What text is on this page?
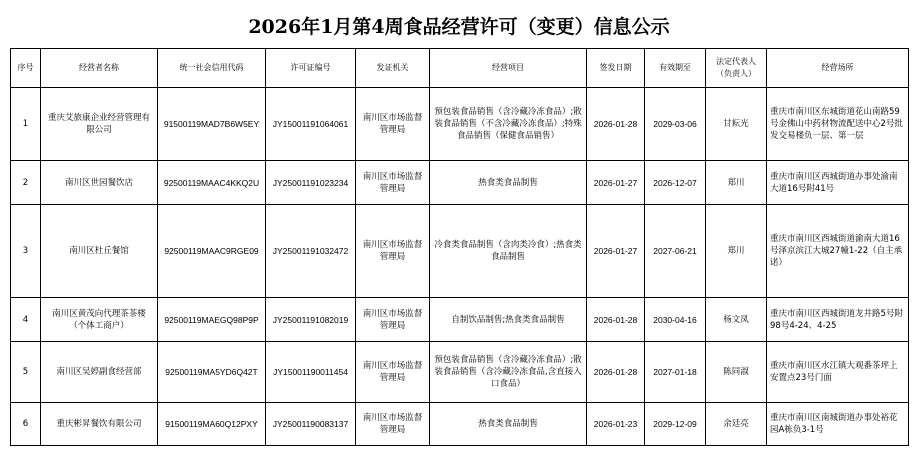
2026年1月第4周食品经营许可（变更）信息公示
序号	经营者名称	统一社会信用代码	许可证编号	发证机关	经营项目	签发日期	有效期至	法定代表人（负责人）	经营场所
1	重庆艾旅康企业经营管理有限公司	91500119MAD7B6W5EY	JY15001191064061	南川区市场监督管理局	预包装食品销售（含冷藏冷冻食品）;散装食品销售（不含冷藏冷冻食品）;特殊食品销售（保健食品销售）	2026-01-28	2029-03-06	甘耘光	重庆市南川区东城街道花山南路59号金佛山中药材物流配送中心2号批发交易楼负一层、第一层
2	南川区世园餐饮店	92500119MAAC4KKQ2U	JY25001191023234	南川区市场监督管理局	热食类食品制售	2026-01-27	2026-12-07	郑川	重庆市南川区西城街道办事处渝南大道16号附41号
3	南川区杜丘餐馆	92500119MAAC9RGE09	JY25001191032472	南川区市场监督管理局	冷食类食品制售（含肉类冷食）;热食类食品制售	2026-01-27	2027-06-21	郑川	重庆市南川区西城街道渝南大道16号泽京滨江大城27幢1-22（自主承诺）
4	南川区黄茂向代理茶茶楼（个体工商户）	92500119MAEGQ98P9P	JY25001191082019	南川区市场监督管理局	自制饮品制售;热食类食品制售	2026-01-28	2030-04-16	杨文凤	重庆市南川区西城街道龙井路5号附98号4-24、4-25
5	南川区吴婷副食经营部	92500119MA5YD6Q42T	JY15001190011454	南川区市场监督管理局	预包装食品销售（含冷藏冷冻食品）;散装食品销售（含冷藏冷冻食品,含直接入口食品）	2026-01-28	2027-01-18	陈同淑	重庆市南川区水江镇大观番茶坪上安置点23号门面
6	重庆彬昇餐饮有限公司	91500119MA60Q12PXY	JY25001190083137	南川区市场监督管理局	热食类食品制售	2026-01-23	2029-12-09	余廷亮	重庆市南川区南城街道办事处裕花园A栋负3-1号
